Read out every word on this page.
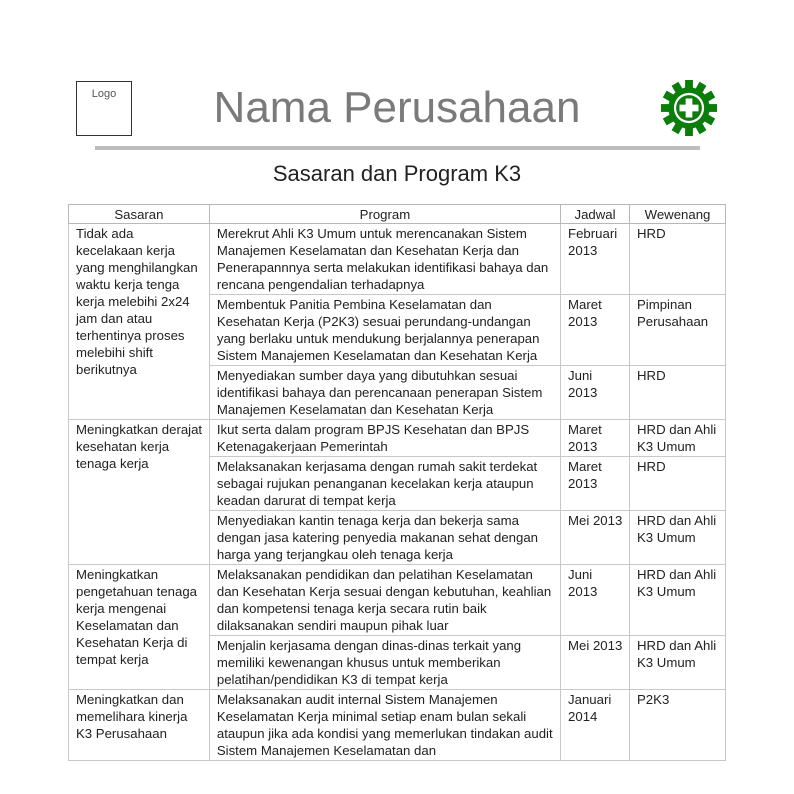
Logo	Nama Perusahaan
Sasaran dan Program K3
Sasaran	Program	Jadwal	Wewenang
Tidak ada kecelakaan kerja yang menghilangkan waktu kerja tenga kerja melebihi 2x24 jam dan atau terhentinya proses melebihi shift berikutnya	Merekrut Ahli K3 Umum untuk merencanakan Sistem Manajemen Keselamatan dan Kesehatan Kerja dan Penerapannnya serta melakukan identifikasi bahaya dan rencana pengendalian terhadapnya	Februari 2013	HRD
	Membentuk Panitia Pembina Keselamatan dan Kesehatan Kerja (P2K3) sesuai perundang-undangan yang berlaku untuk mendukung berjalannya penerapan Sistem Manajemen Keselamatan dan Kesehatan Kerja	Maret 2013	Pimpinan Perusahaan
	Menyediakan sumber daya yang dibutuhkan sesuai identifikasi bahaya dan perencanaan penerapan Sistem Manajemen Keselamatan dan Kesehatan Kerja	Juni 2013	HRD
Meningkatkan derajat kesehatan kerja tenaga kerja	Ikut serta dalam program BPJS Kesehatan dan BPJS Ketenagakerjaan Pemerintah	Maret 2013	HRD dan Ahli K3 Umum
	Melaksanakan kerjasama dengan rumah sakit terdekat sebagai rujukan penanganan kecelakan kerja ataupun keadan darurat di tempat kerja	Maret 2013	HRD
	Menyediakan kantin tenaga kerja dan bekerja sama dengan jasa katering penyedia makanan sehat dengan harga yang terjangkau oleh tenaga kerja	Mei 2013	HRD dan Ahli K3 Umum
Meningkatkan pengetahuan tenaga kerja mengenai Keselamatan dan Kesehatan Kerja di tempat kerja	Melaksanakan pendidikan dan pelatihan Keselamatan dan Kesehatan Kerja sesuai dengan kebutuhan, keahlian dan kompetensi tenaga kerja secara rutin baik dilaksanakan sendiri maupun pihak luar	Juni 2013	HRD dan Ahli K3 Umum
	Menjalin kerjasama dengan dinas-dinas terkait yang memiliki kewenangan khusus untuk memberikan pelatihan/pendidikan K3 di tempat kerja	Mei 2013	HRD dan Ahli K3 Umum
Meningkatkan dan memelihara kinerja K3 Perusahaan	Melaksanakan audit internal Sistem Manajemen Keselamatan Kerja minimal setiap enam bulan sekali ataupun jika ada kondisi yang memerlukan tindakan audit Sistem Manajemen Keselamatan dan	Januari 2014	P2K3
